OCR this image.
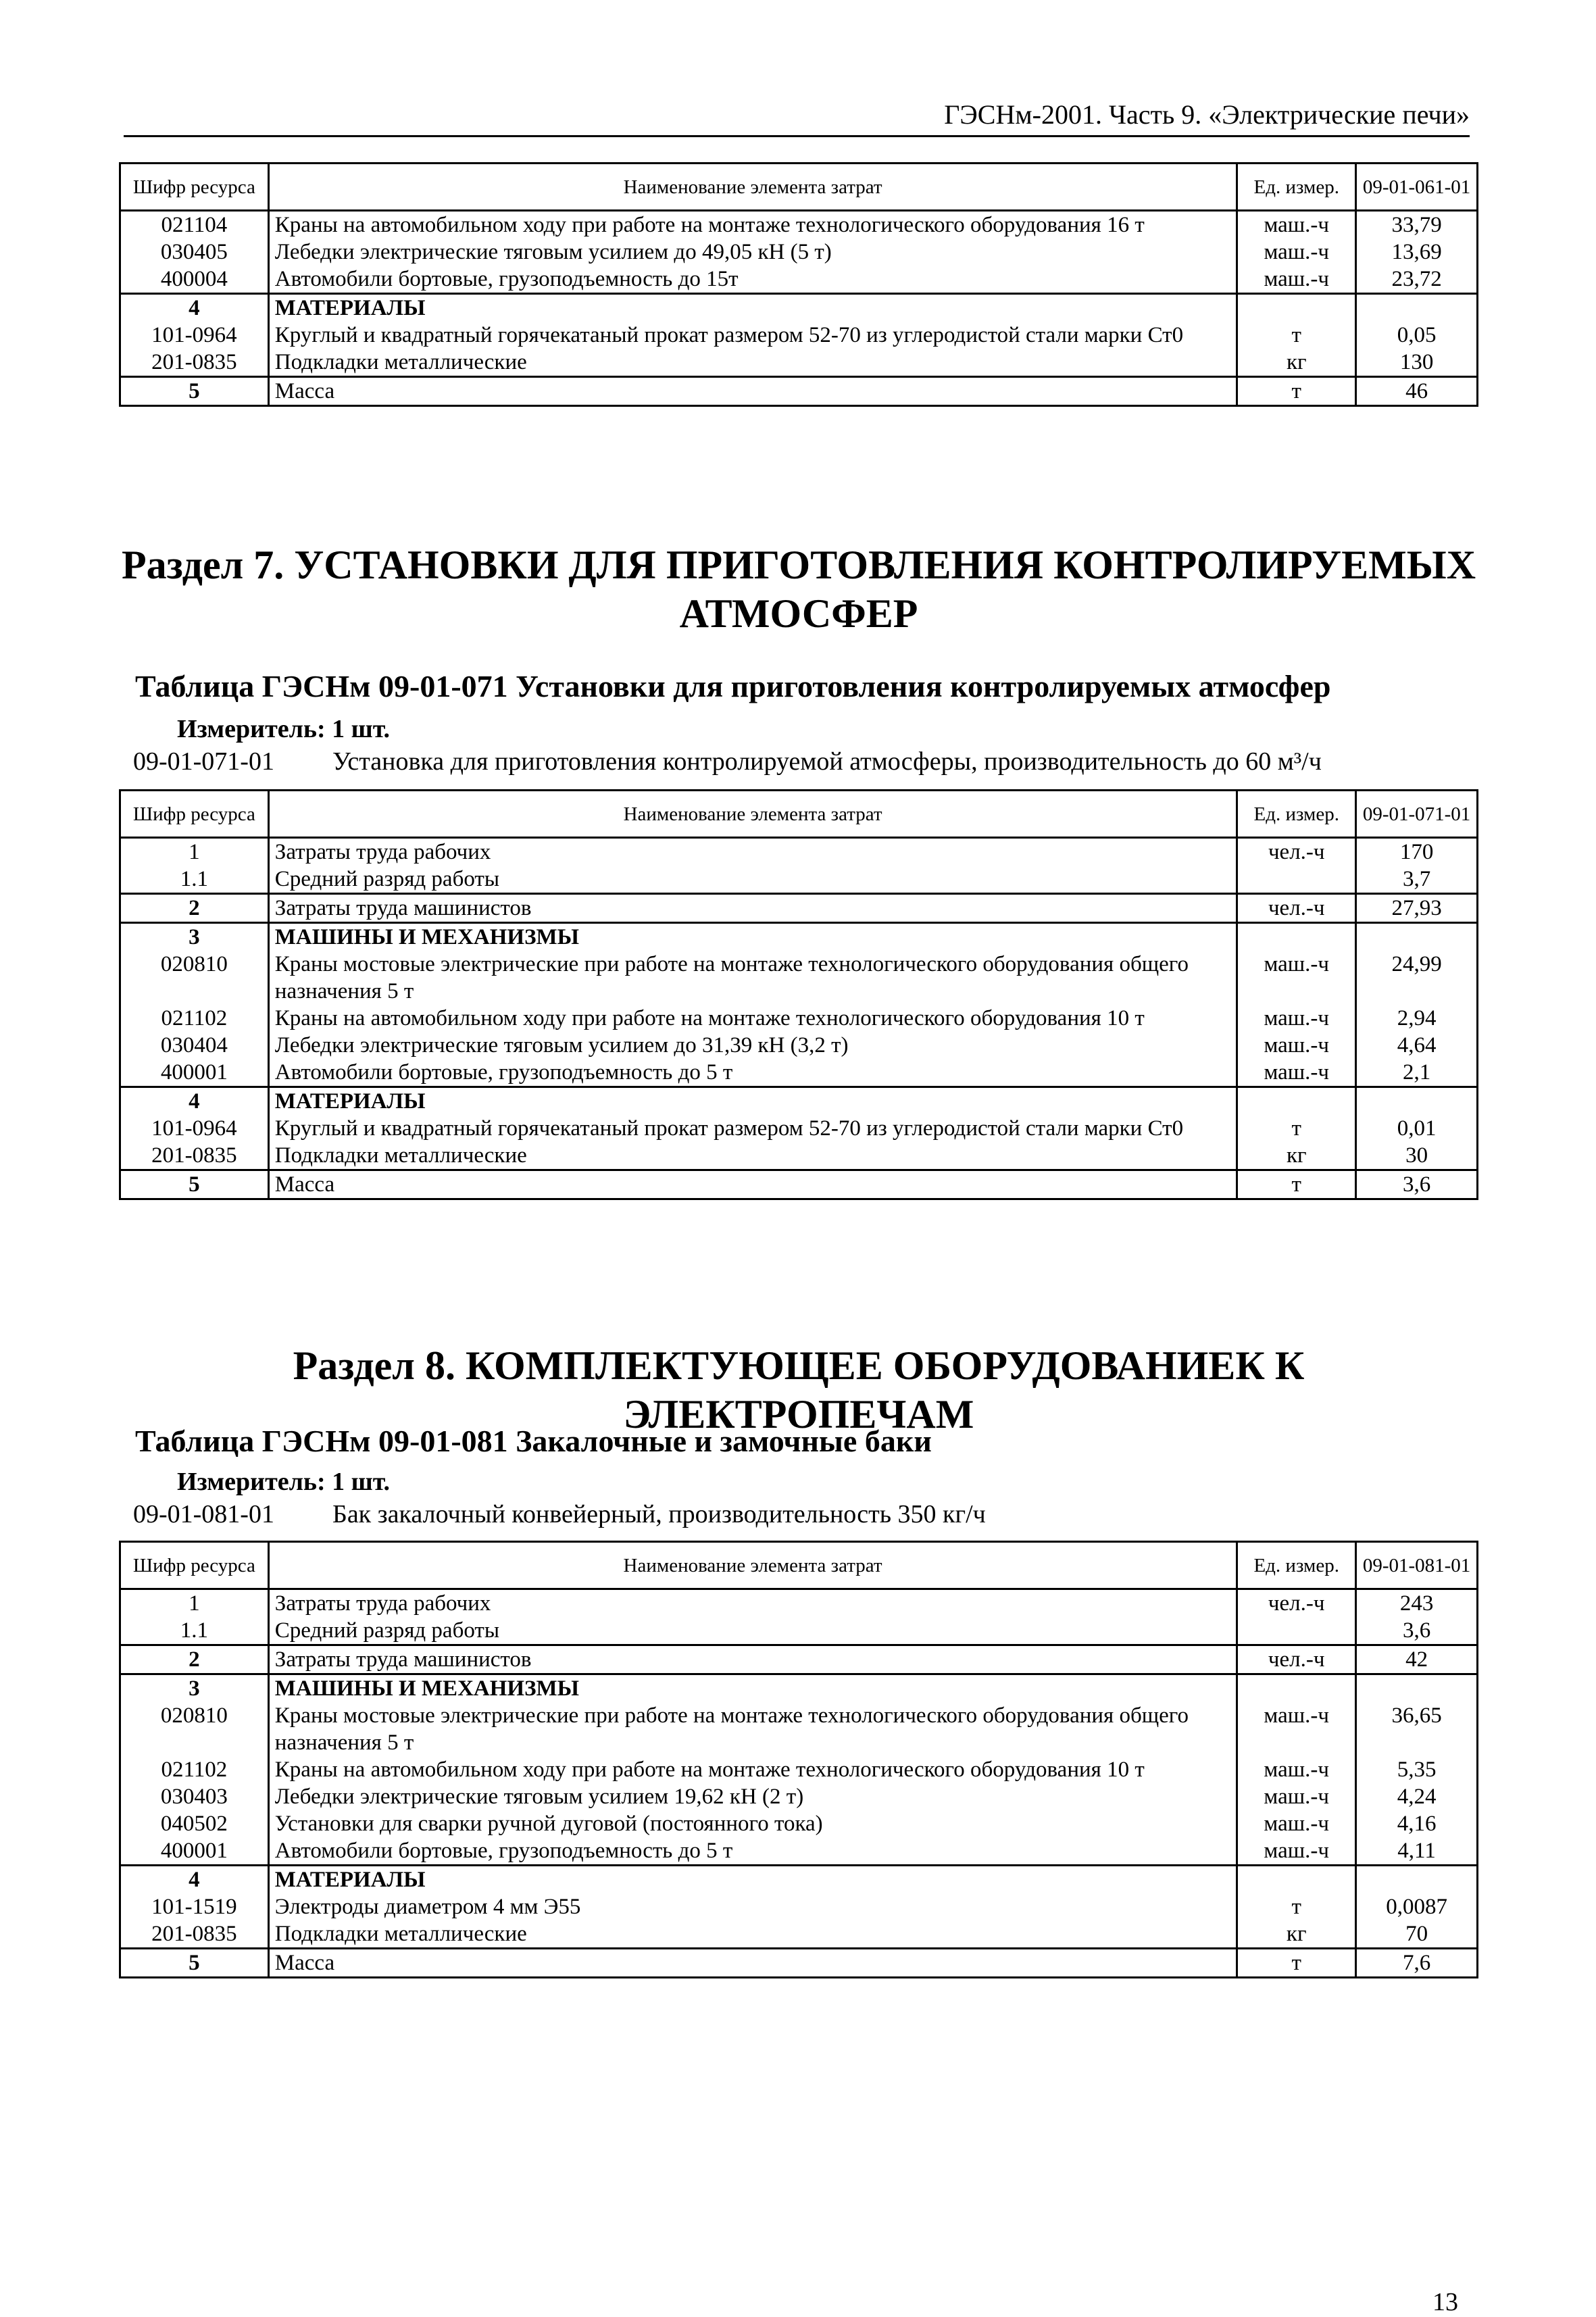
ГЭСНм-2001. Часть 9. «Электрические печи»
Шифр ресурса	Наименование элемента затрат	Ед. измер.	09-01-061-01
021104	Краны на автомобильном ходу при работе на монтаже технологического оборудования 16 т	маш.-ч	33,79
030405	Лебедки электрические тяговым усилием до 49,05 кН (5 т)	маш.-ч	13,69
400004	Автомобили бортовые, грузоподъемность до 15т	маш.-ч	23,72
4	МАТЕРИАЛЫ		
101-0964	Круглый и квадратный горячекатаный прокат размером 52-70 из углеродистой стали марки Ст0	т	0,05
201-0835	Подкладки металлические	кг	130
5	Масса	т	46
Раздел 7. УСТАНОВКИ ДЛЯ ПРИГОТОВЛЕНИЯ КОНТРОЛИРУЕМЫХ АТМОСФЕР
Таблица ГЭСНм 09-01-071 Установки для приготовления контролируемых атмосфер
Измеритель: 1 шт.
09-01-071-01 Установка для приготовления контролируемой атмосферы, производительность до 60 м³/ч
Шифр ресурса	Наименование элемента затрат	Ед. измер.	09-01-071-01
1	Затраты труда рабочих	чел.-ч	170
1.1	Средний разряд работы		3,7
2	Затраты труда машинистов	чел.-ч	27,93
3	МАШИНЫ И МЕХАНИЗМЫ		
020810	Краны мостовые электрические при работе на монтаже технологического оборудования общего назначения 5 т	маш.-ч	24,99
021102	Краны на автомобильном ходу при работе на монтаже технологического оборудования 10 т	маш.-ч	2,94
030404	Лебедки электрические тяговым усилием до 31,39 кН (3,2 т)	маш.-ч	4,64
400001	Автомобили бортовые, грузоподъемность до 5 т	маш.-ч	2,1
4	МАТЕРИАЛЫ		
101-0964	Круглый и квадратный горячекатаный прокат размером 52-70 из углеродистой стали марки Ст0	т	0,01
201-0835	Подкладки металлические	кг	30
5	Масса	т	3,6
Раздел 8. КОМПЛЕКТУЮЩЕЕ ОБОРУДОВАНИЕК К ЭЛЕКТРОПЕЧАМ
Таблица ГЭСНм 09-01-081 Закалочные и замочные баки
Измеритель: 1 шт.
09-01-081-01 Бак закалочный конвейерный, производительность 350 кг/ч
Шифр ресурса	Наименование элемента затрат	Ед. измер.	09-01-081-01
1	Затраты труда рабочих	чел.-ч	243
1.1	Средний разряд работы		3,6
2	Затраты труда машинистов	чел.-ч	42
3	МАШИНЫ И МЕХАНИЗМЫ		
020810	Краны мостовые электрические при работе на монтаже технологического оборудования общего назначения 5 т	маш.-ч	36,65
021102	Краны на автомобильном ходу при работе на монтаже технологического оборудования 10 т	маш.-ч	5,35
030403	Лебедки электрические тяговым усилием 19,62 кН (2 т)	маш.-ч	4,24
040502	Установки для сварки ручной дуговой (постоянного тока)	маш.-ч	4,16
400001	Автомобили бортовые, грузоподъемность до 5 т	маш.-ч	4,11
4	МАТЕРИАЛЫ		
101-1519	Электроды диаметром 4 мм Э55	т	0,0087
201-0835	Подкладки металлические	кг	70
5	Масса	т	7,6
13
